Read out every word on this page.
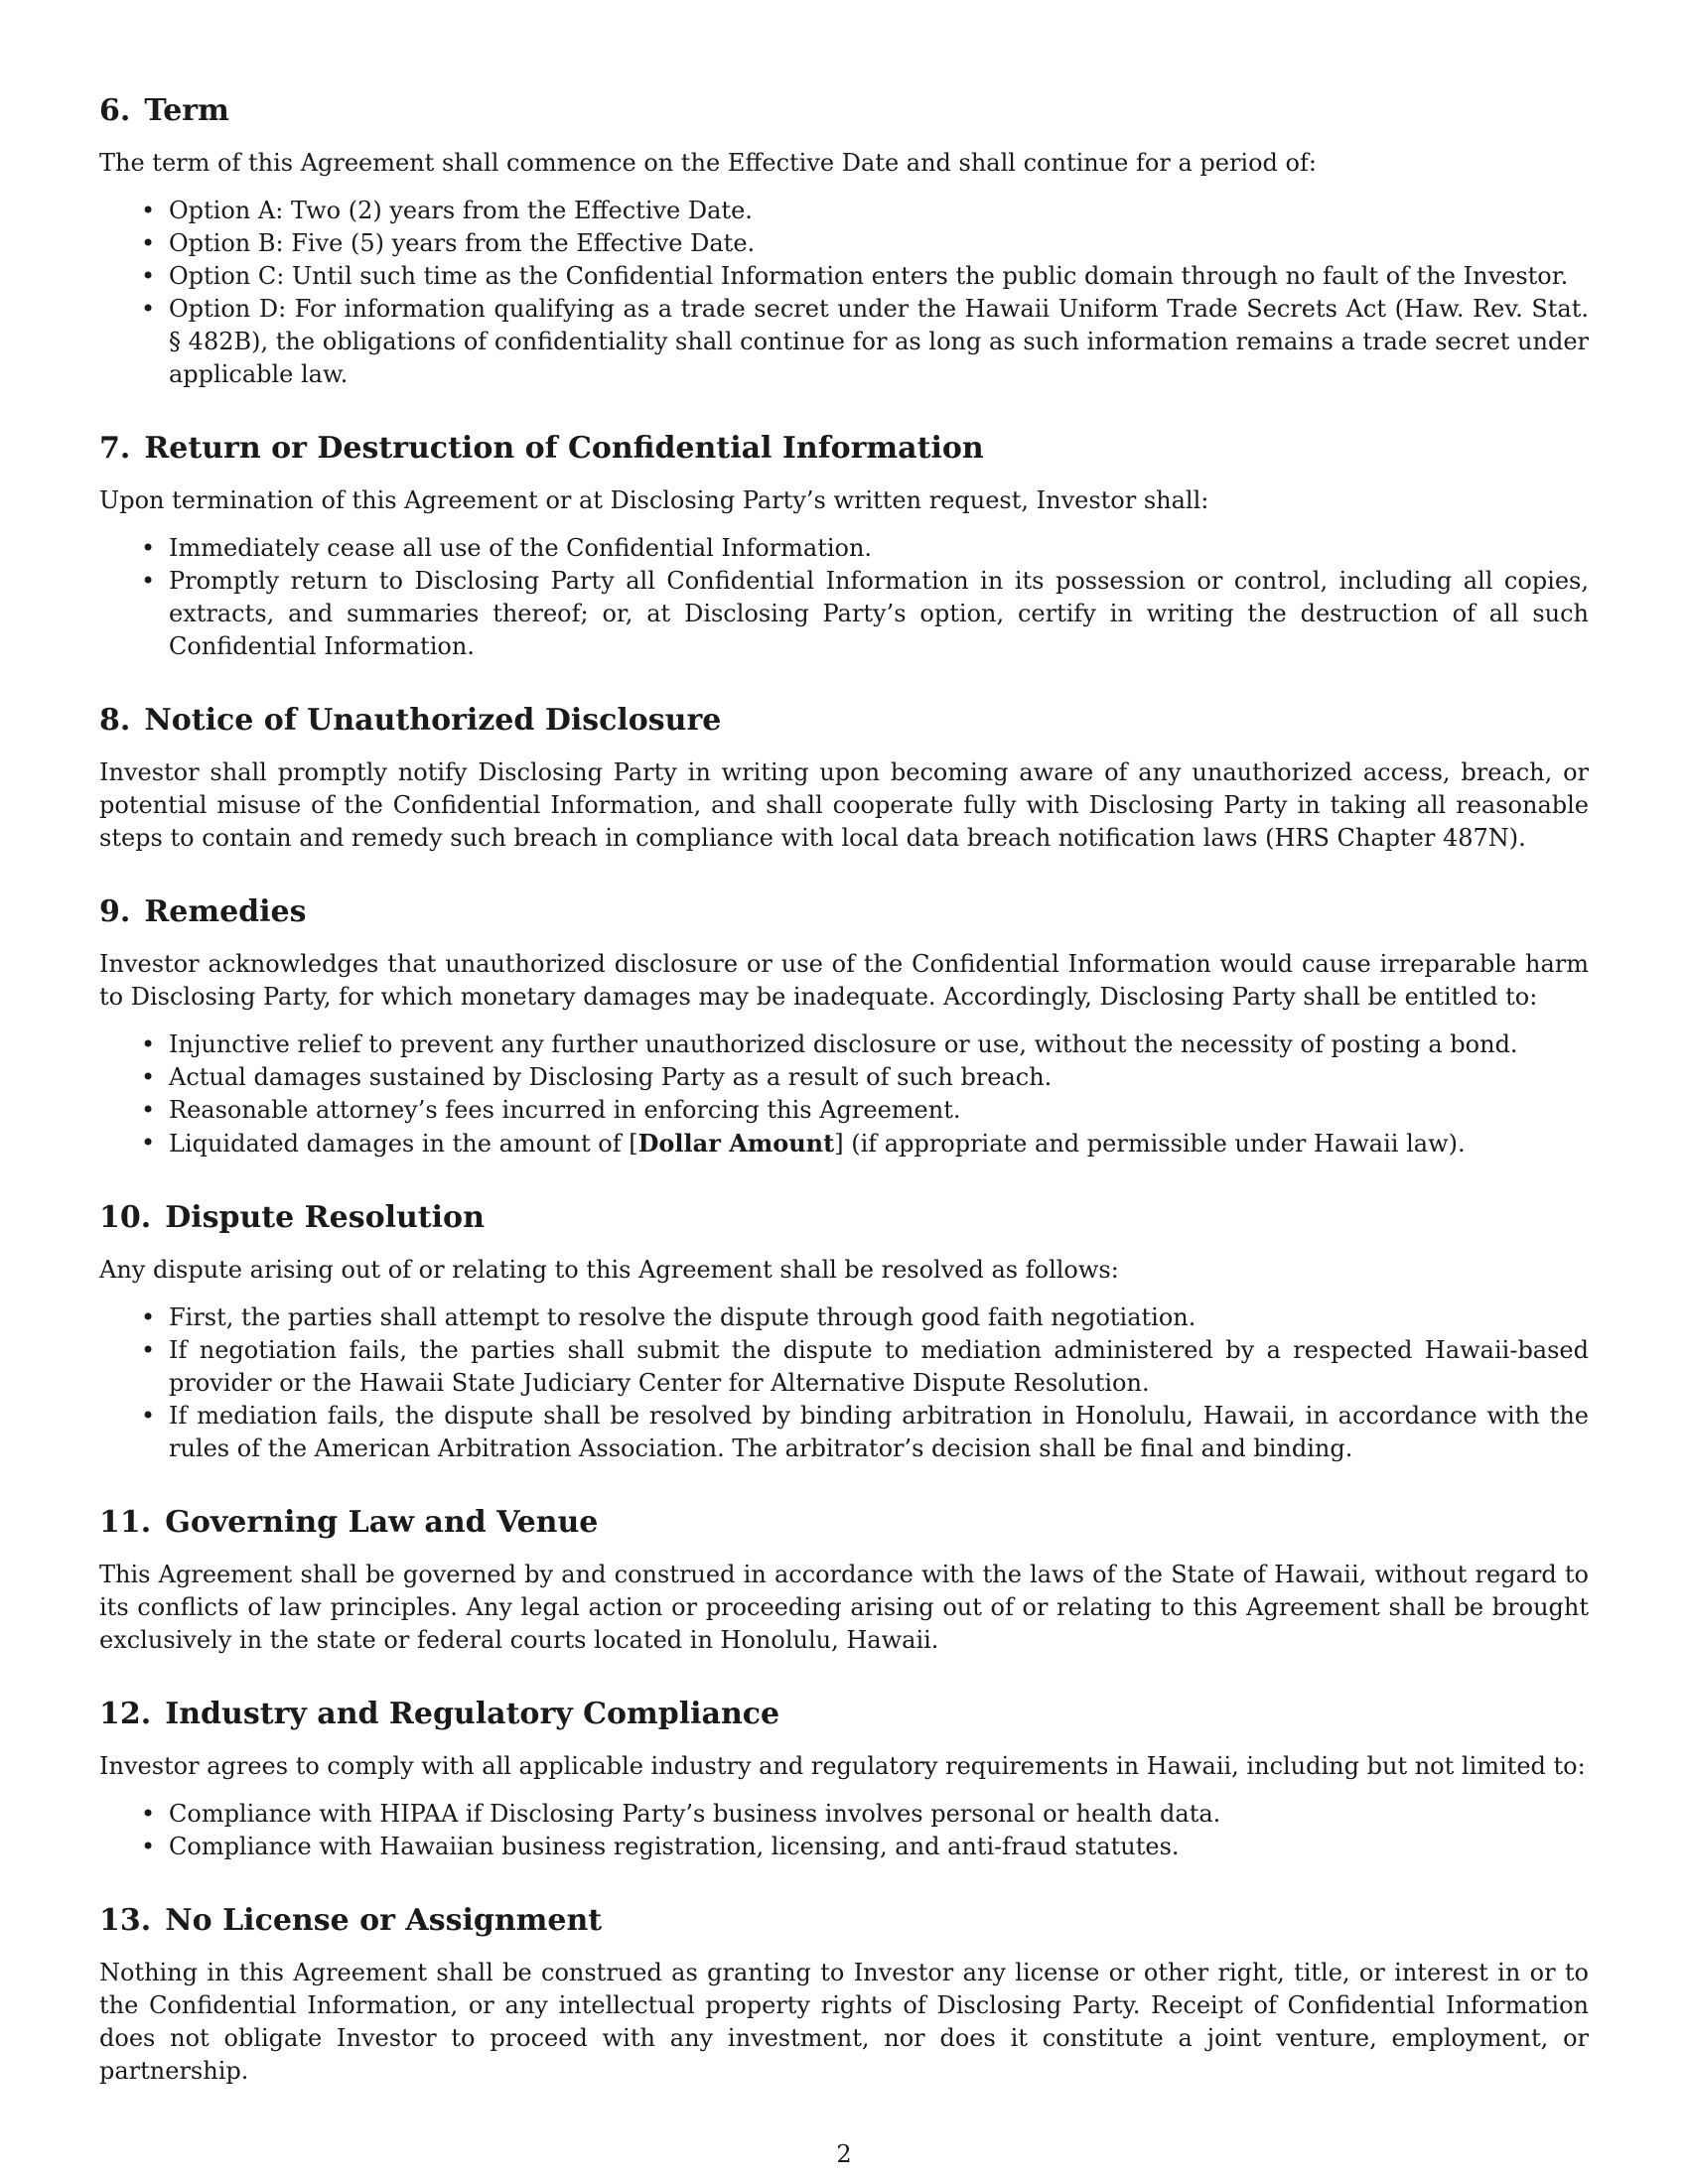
6. Term

The term of this Agreement shall commence on the Effective Date and shall continue for a period of:

• Option A: Two (2) years from the Effective Date.
• Option B: Five (5) years from the Effective Date.
• Option C: Until such time as the Confidential Information enters the public domain through no fault of the Investor.
• Option D: For information qualifying as a trade secret under the Hawaii Uniform Trade Secrets Act (Haw. Rev. Stat. § 482B), the obligations of confidentiality shall continue for as long as such information remains a trade secret under applicable law.
7. Return or Destruction of Confidential Information

Upon termination of this Agreement or at Disclosing Party’s written request, Investor shall:

• Immediately cease all use of the Confidential Information.
• Promptly return to Disclosing Party all Confidential Information in its possession or control, including all copies, extracts, and summaries thereof; or, at Disclosing Party’s option, certify in writing the destruction of all such Confidential Information.
8. Notice of Unauthorized Disclosure

Investor shall promptly notify Disclosing Party in writing upon becoming aware of any unauthorized access, breach, or potential misuse of the Confidential Information, and shall cooperate fully with Disclosing Party in taking all reasonable steps to contain and remedy such breach in compliance with local data breach notification laws (HRS Chapter 487N).

9. Remedies

Investor acknowledges that unauthorized disclosure or use of the Confidential Information would cause irreparable harm to Disclosing Party, for which monetary damages may be inadequate. Accordingly, Disclosing Party shall be entitled to:

• Injunctive relief to prevent any further unauthorized disclosure or use, without the necessity of posting a bond.
• Actual damages sustained by Disclosing Party as a result of such breach.
• Reasonable attorney’s fees incurred in enforcing this Agreement.
• Liquidated damages in the amount of [Dollar Amount] (if appropriate and permissible under Hawaii law).
10. Dispute Resolution

Any dispute arising out of or relating to this Agreement shall be resolved as follows:

• First, the parties shall attempt to resolve the dispute through good faith negotiation.
• If negotiation fails, the parties shall submit the dispute to mediation administered by a respected Hawaii-based provider or the Hawaii State Judiciary Center for Alternative Dispute Resolution.
• If mediation fails, the dispute shall be resolved by binding arbitration in Honolulu, Hawaii, in accordance with the rules of the American Arbitration Association. The arbitrator’s decision shall be final and binding.
11. Governing Law and Venue

This Agreement shall be governed by and construed in accordance with the laws of the State of Hawaii, without regard to its conflicts of law principles. Any legal action or proceeding arising out of or relating to this Agreement shall be brought exclusively in the state or federal courts located in Honolulu, Hawaii.

12. Industry and Regulatory Compliance

Investor agrees to comply with all applicable industry and regulatory requirements in Hawaii, including but not limited to:

• Compliance with HIPAA if Disclosing Party’s business involves personal or health data.
• Compliance with Hawaiian business registration, licensing, and anti-fraud statutes.
13. No License or Assignment

Nothing in this Agreement shall be construed as granting to Investor any license or other right, title, or interest in or to the Confidential Information, or any intellectual property rights of Disclosing Party. Receipt of Confidential Information does not obligate Investor to proceed with any investment, nor does it constitute a joint venture, employment, or partnership.

2
